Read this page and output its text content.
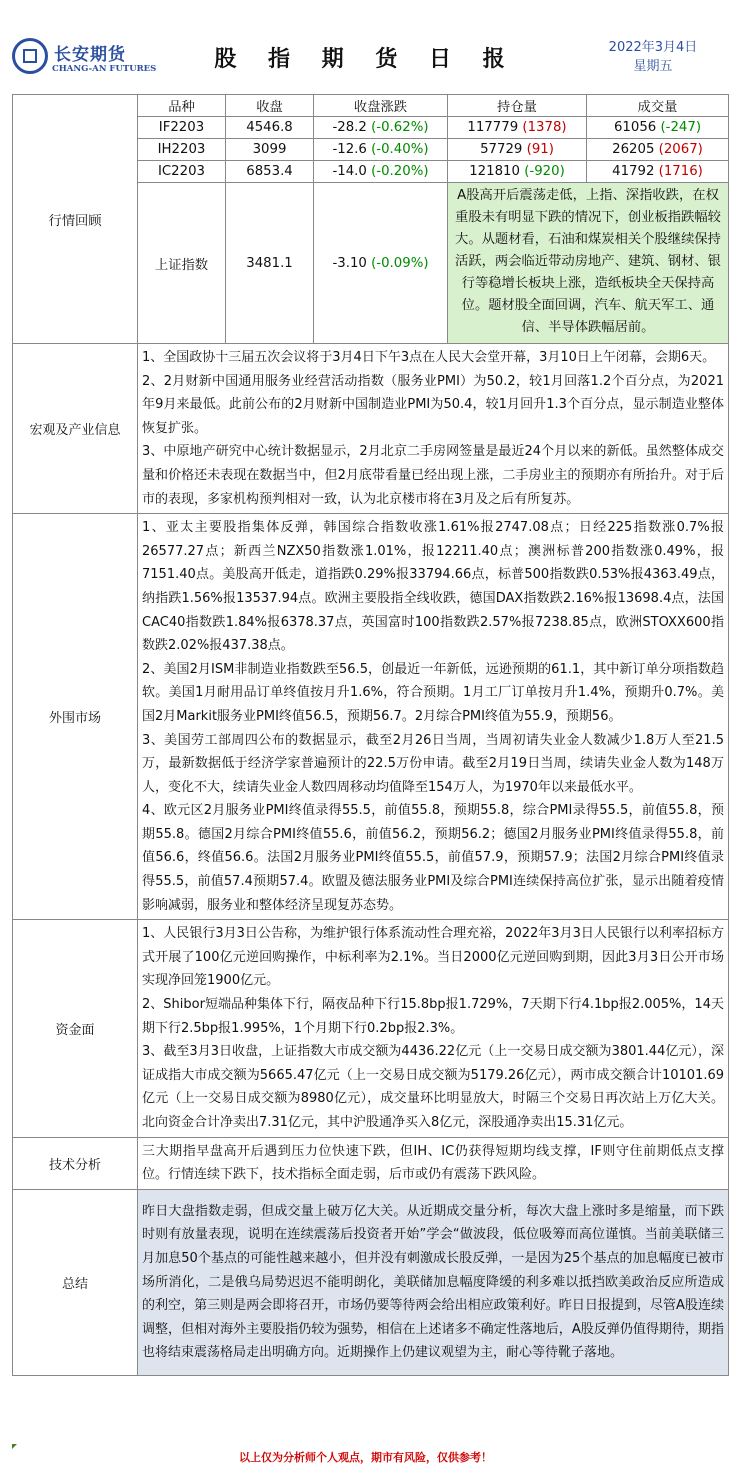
长安期货
CHANG-AN FUTURES	股 指 期 货 日 报	2022年3月4日
星期五
行情回顾	品种	收盘	收盘涨跌	持仓量	成交量
	IF2203	4546.8	-28.2 (-0.62%)	117779 (1378)	61056 (-247)
	IH2203	3099	-12.6 (-0.40%)	57729 (91)	26205 (2067)
	IC2203	6853.4	-14.0 (-0.20%)	121810 (-920)	41792 (1716)
	上证指数	3481.1	-3.10 (-0.09%)	A股高开后震荡走低，上指、深指收跌，在权重股未有明显下跌的情况下，创业板指跌幅较大。从题材看，石油和煤炭相关个股继续保持活跃，两会临近带动房地产、建筑、钢材、银行等稳增长板块上涨，造纸板块全天保持高位。题材股全面回调，汽车、航天军工、通信、半导体跌幅居前。	
宏观及产业信息	1、全国政协十三届五次会议将于3月4日下午3点在人民大会堂开幕，3月10日上午闭幕，会期6天。
2、2月财新中国通用服务业经营活动指数（服务业PMI）为50.2，较1月回落1.2个百分点，为2021年9月来最低。此前公布的2月财新中国制造业PMI为50.4，较1月回升1.3个百分点，显示制造业整体恢复扩张。
3、中原地产研究中心统计数据显示，2月北京二手房网签量是最近24个月以来的新低。虽然整体成交量和价格还未表现在数据当中，但2月底带看量已经出现上涨，二手房业主的预期亦有所抬升。对于后市的表现，多家机构预判相对一致，认为北京楼市将在3月及之后有所复苏。				

外围市场	1、亚太主要股指集体反弹，韩国综合指数收涨1.61%报2747.08点；日经225指数涨0.7%报26577.27点；新西兰NZX50指数涨1.01%，报12211.40点；澳洲标普200指数涨0.49%，报7151.40点。美股高开低走，道指跌0.29%报33794.66点，标普500指数跌0.53%报4363.49点，纳指跌1.56%报13537.94点。欧洲主要股指全线收跌，德国DAX指数跌2.16%报13698.4点，法国CAC40指数跌1.84%报6378.37点，英国富时100指数跌2.57%报7238.85点，欧洲STOXX600指数跌2.02%报437.38点。
2、美国2月ISM非制造业指数跌至56.5，创最近一年新低，远逊预期的61.1，其中新订单分项指数趋软。美国1月耐用品订单终值按月升1.6%，符合预期。1月工厂订单按月升1.4%，预期升0.7%。美国2月Markit服务业PMI终值56.5，预期56.7。2月综合PMI终值为55.9，预期56。
3、美国劳工部周四公布的数据显示，截至2月26日当周，当周初请失业金人数减少1.8万人至21.5万，最新数据低于经济学家普遍预计的22.5万份申请。截至2月19日当周，续请失业金人数为148万人，变化不大，续请失业金人数四周移动均值降至154万人，为1970年以来最低水平。
4、欧元区2月服务业PMI终值录得55.5，前值55.8，预期55.8，综合PMI录得55.5，前值55.8，预期55.8。德国2月综合PMI终值55.6，前值56.2，预期56.2；德国2月服务业PMI终值录得55.8，前值56.6，终值56.6。法国2月服务业PMI终值55.5，前值57.9，预期57.9；法国2月综合PMI终值录得55.5，前值57.4预期57.4。欧盟及德法服务业PMI及综合PMI连续保持高位扩张，显示出随着疫情影响减弱，服务业和整体经济呈现复苏态势。				

资金面	1、人民银行3月3日公告称，为维护银行体系流动性合理充裕，2022年3月3日人民银行以利率招标方式开展了100亿元逆回购操作，中标利率为2.1%。当日2000亿元逆回购到期，因此3月3日公开市场实现净回笼1900亿元。
2、Shibor短端品种集体下行，隔夜品种下行15.8bp报1.729%，7天期下行4.1bp报2.005%，14天期下行2.5bp报1.995%，1个月期下行0.2bp报2.3%。
3、截至3月3日收盘，上证指数大市成交额为4436.22亿元（上一交易日成交额为3801.44亿元），深证成指大市成交额为5665.47亿元（上一交易日成交额为5179.26亿元），两市成交额合计10101.69亿元（上一交易日成交额为8980亿元），成交量环比明显放大，时隔三个交易日再次站上万亿大关。北向资金合计净卖出7.31亿元，其中沪股通净买入8亿元，深股通净卖出15.31亿元。				

技术分析	三大期指早盘高开后遇到压力位快速下跌，但IH、IC仍获得短期均线支撑，IF则守住前期低点支撑位。行情连续下跌下，技术指标全面走弱，后市或仍有震荡下跌风险。				

总结	昨日大盘指数走弱，但成交量上破万亿大关。从近期成交量分析，每次大盘上涨时多是缩量，而下跌时则有放量表现，说明在连续震荡后投资者开始”学会“做波段，低位吸筹而高位谨慎。当前美联储三月加息50个基点的可能性越来越小，但并没有刺激成长股反弹，一是因为25个基点的加息幅度已被市场所消化，二是俄乌局势迟迟不能明朗化，美联储加息幅度降缓的利多难以抵挡欧美政治反应所造成的利空，第三则是两会即将召开，市场仍要等待两会给出相应政策利好。昨日日报提到，尽管A股连续调整，但相对海外主要股指仍较为强势，相信在上述诸多不确定性落地后，A股反弹仍值得期待，期指也将结束震荡格局走出明确方向。近期操作上仍建议观望为主，耐心等待靴子落地。				
以上仅为分析师个人观点，期市有风险，仅供参考！
